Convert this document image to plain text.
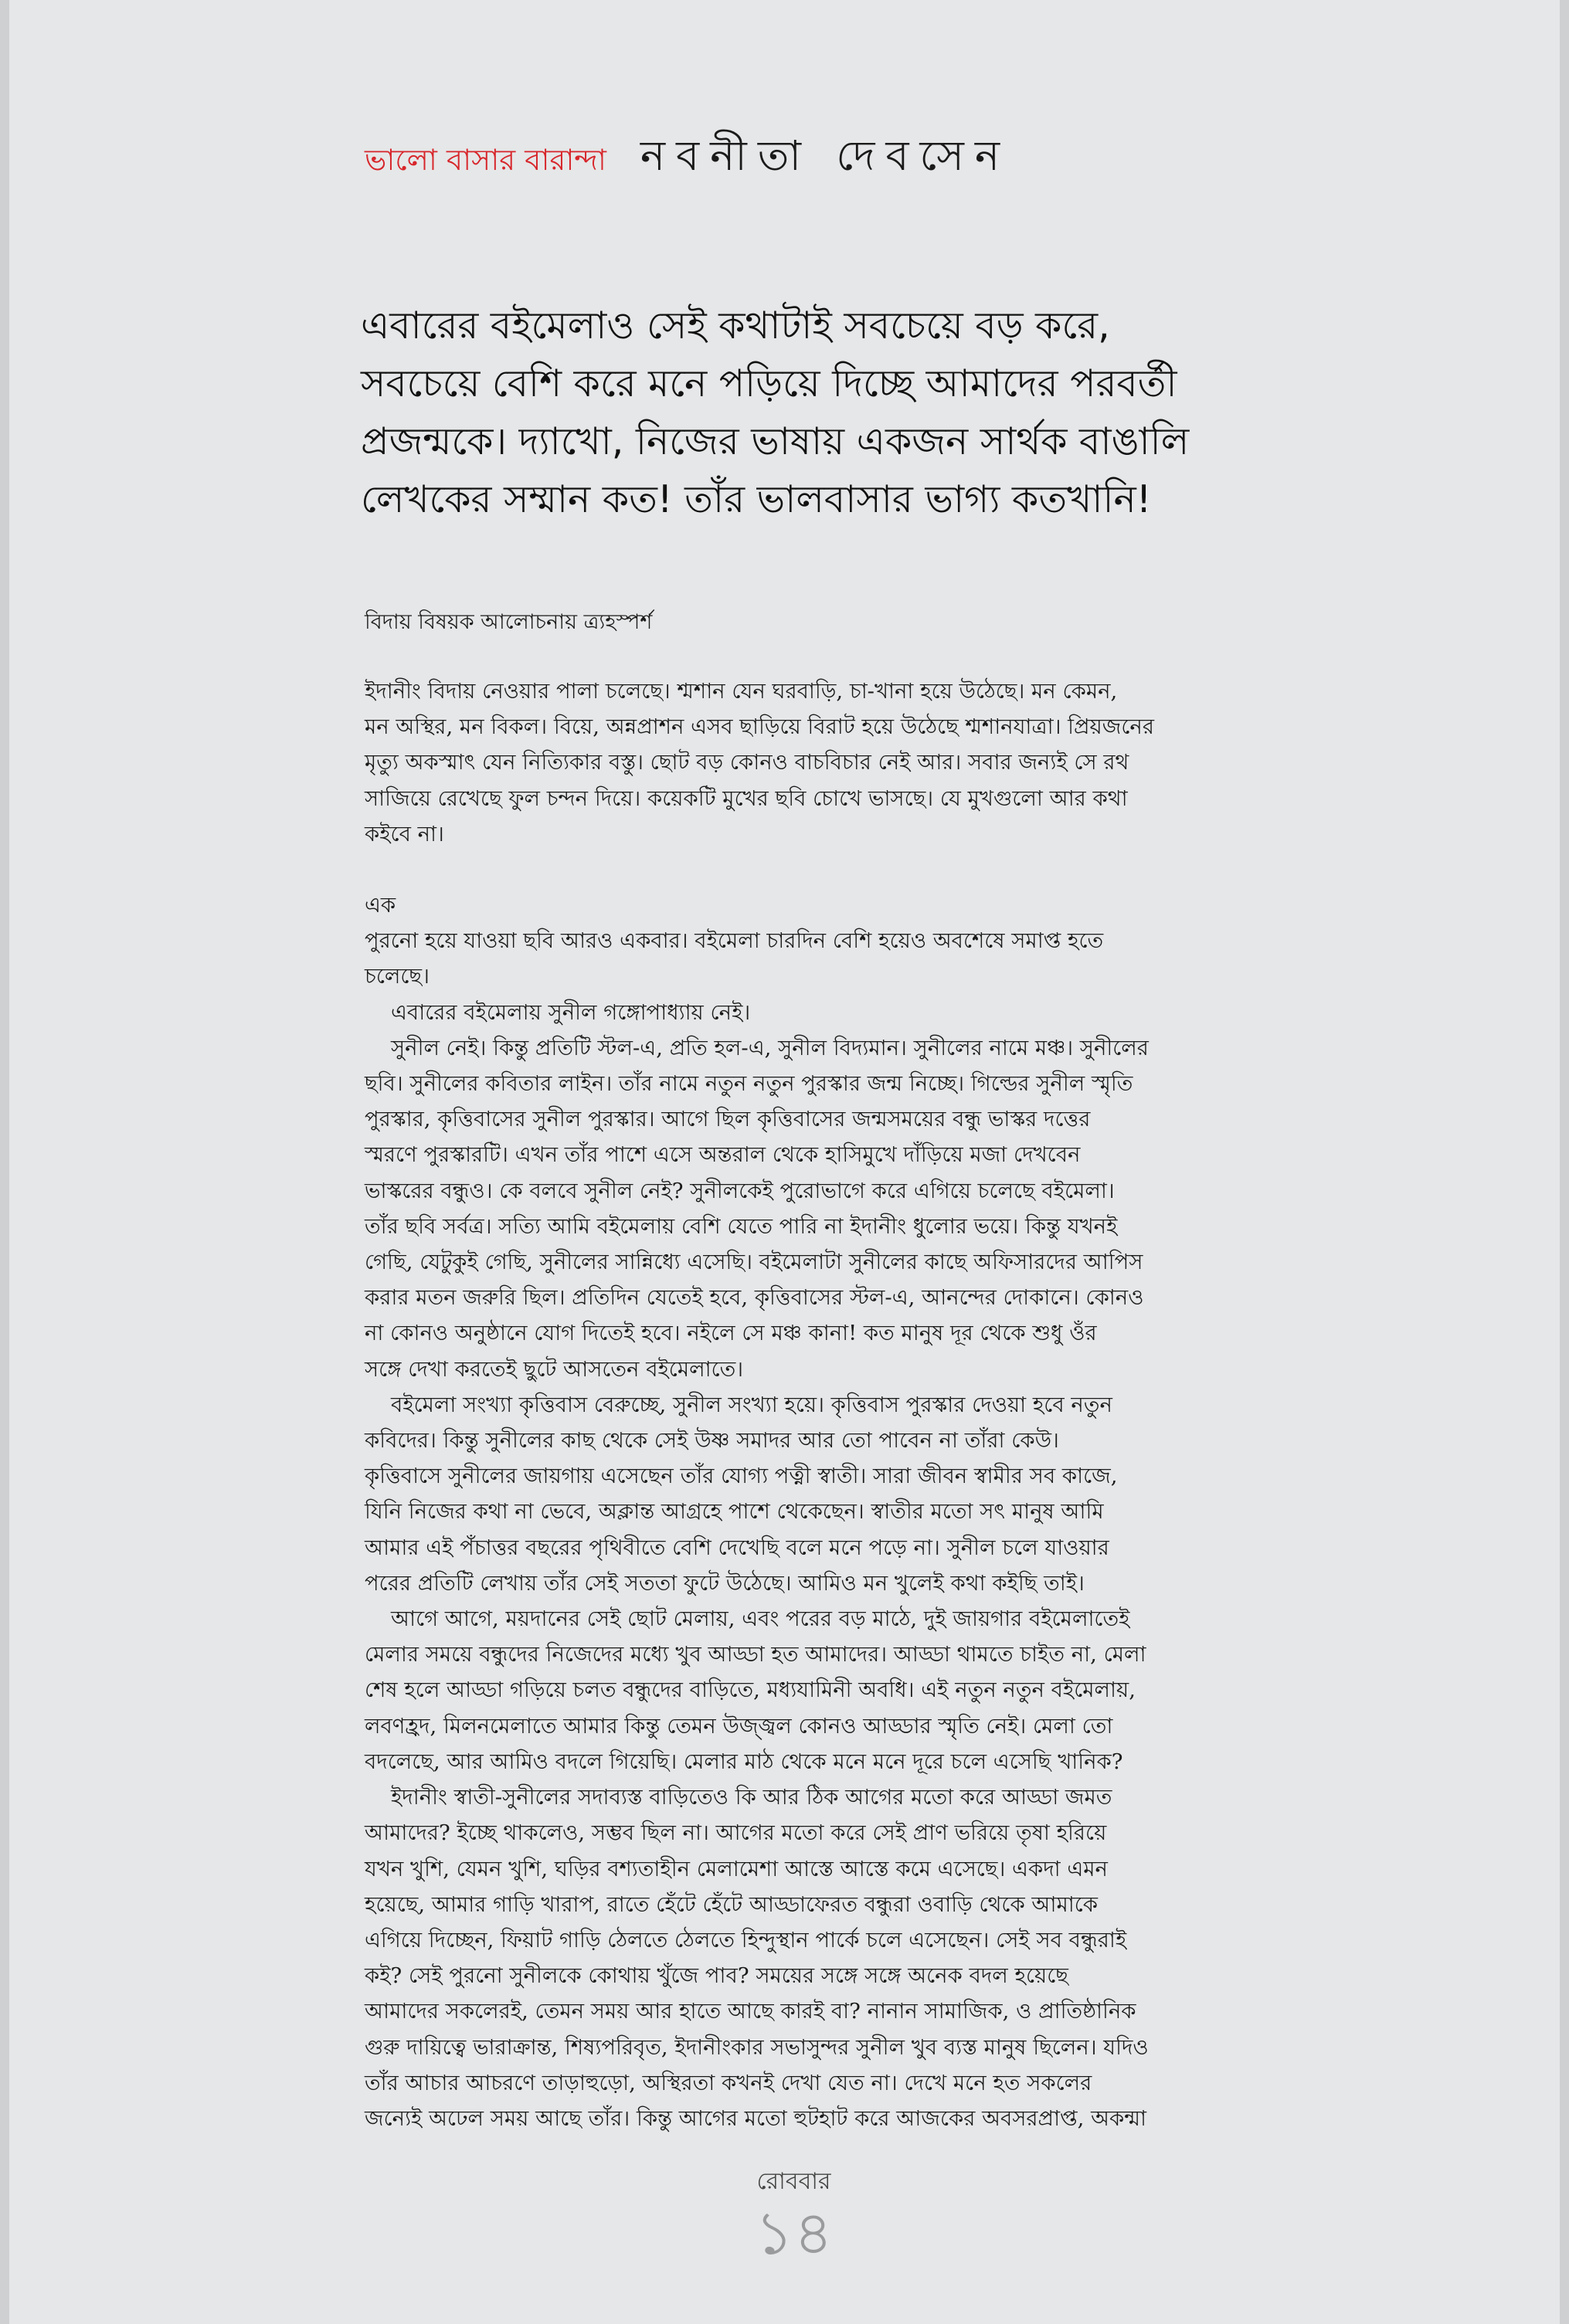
ভালো বাসার বারান্দা নবনীতা দেবসেন
এবারের বইমেলাও সেই কথাটাই সবচেয়ে বড় করে,
সবচেয়ে বেশি করে মনে পড়িয়ে দিচ্ছে আমাদের পরবর্তী
প্রজন্মকে। দ্যাখো, নিজের ভাষায় একজন সার্থক বাঙালি
লেখকের সম্মান কত! তাঁর ভালবাসার ভাগ্য কতখানি!
বিদায় বিষয়ক আলোচনায় ত্র্যহস্পর্শ
ইদানীং বিদায় নেওয়ার পালা চলেছে। শ্মশান যেন ঘরবাড়ি, চা-খানা হয়ে উঠেছে। মন কেমন,
মন অস্থির, মন বিকল। বিয়ে, অন্নপ্রাশন এসব ছাড়িয়ে বিরাট হয়ে উঠেছে শ্মশানযাত্রা। প্রিয়জনের
মৃত্যু অকস্মাৎ যেন নিত্যিকার বস্তু। ছোট বড় কোনও বাচবিচার নেই আর। সবার জন্যই সে রথ
সাজিয়ে রেখেছে ফুল চন্দন দিয়ে। কয়েকটি মুখের ছবি চোখে ভাসছে। যে মুখগুলো আর কথা
কইবে না।
এক
পুরনো হয়ে যাওয়া ছবি আরও একবার। বইমেলা চারদিন বেশি হয়েও অবশেষে সমাপ্ত হতে
চলেছে।
এবারের বইমেলায় সুনীল গঙ্গোপাধ্যায় নেই।
সুনীল নেই। কিন্তু প্রতিটি স্টল-এ, প্রতি হল-এ, সুনীল বিদ্যমান। সুনীলের নামে মঞ্চ। সুনীলের
ছবি। সুনীলের কবিতার লাইন। তাঁর নামে নতুন নতুন পুরস্কার জন্ম নিচ্ছে। গিল্ডের সুনীল স্মৃতি
পুরস্কার, কৃত্তিবাসের সুনীল পুরস্কার। আগে ছিল কৃত্তিবাসের জন্মসময়ের বন্ধু ভাস্কর দত্তের
স্মরণে পুরস্কারটি। এখন তাঁর পাশে এসে অন্তরাল থেকে হাসিমুখে দাঁড়িয়ে মজা দেখবেন
ভাস্করের বন্ধুও। কে বলবে সুনীল নেই? সুনীলকেই পুরোভাগে করে এগিয়ে চলেছে বইমেলা।
তাঁর ছবি সর্বত্র। সত্যি আমি বইমেলায় বেশি যেতে পারি না ইদানীং ধুলোর ভয়ে। কিন্তু যখনই
গেছি, যেটুকুই গেছি, সুনীলের সান্নিধ্যে এসেছি। বইমেলাটা সুনীলের কাছে অফিসারদের আপিস
করার মতন জরুরি ছিল। প্রতিদিন যেতেই হবে, কৃত্তিবাসের স্টল-এ, আনন্দের দোকানে। কোনও
না কোনও অনুষ্ঠানে যোগ দিতেই হবে। নইলে সে মঞ্চ কানা! কত মানুষ দূর থেকে শুধু ওঁর
সঙ্গে দেখা করতেই ছুটে আসতেন বইমেলাতে।
বইমেলা সংখ্যা কৃত্তিবাস বেরুচ্ছে, সুনীল সংখ্যা হয়ে। কৃত্তিবাস পুরস্কার দেওয়া হবে নতুন
কবিদের। কিন্তু সুনীলের কাছ থেকে সেই উষ্ণ সমাদর আর তো পাবেন না তাঁরা কেউ।
কৃত্তিবাসে সুনীলের জায়গায় এসেছেন তাঁর যোগ্য পত্নী স্বাতী। সারা জীবন স্বামীর সব কাজে,
যিনি নিজের কথা না ভেবে, অক্লান্ত আগ্রহে পাশে থেকেছেন। স্বাতীর মতো সৎ মানুষ আমি
আমার এই পঁচাত্তর বছরের পৃথিবীতে বেশি দেখেছি বলে মনে পড়ে না। সুনীল চলে যাওয়ার
পরের প্রতিটি লেখায় তাঁর সেই সততা ফুটে উঠেছে। আমিও মন খুলেই কথা কইছি তাই।
আগে আগে, ময়দানের সেই ছোট মেলায়, এবং পরের বড় মাঠে, দুই জায়গার বইমেলাতেই
মেলার সময়ে বন্ধুদের নিজেদের মধ্যে খুব আড্ডা হত আমাদের। আড্ডা থামতে চাইত না, মেলা
শেষ হলে আড্ডা গড়িয়ে চলত বন্ধুদের বাড়িতে, মধ্যযামিনী অবধি। এই নতুন নতুন বইমেলায়,
লবণহ্রদ, মিলনমেলাতে আমার কিন্তু তেমন উজ্জ্বল কোনও আড্ডার স্মৃতি নেই। মেলা তো
বদলেছে, আর আমিও বদলে গিয়েছি। মেলার মাঠ থেকে মনে মনে দূরে চলে এসেছি খানিক?
ইদানীং স্বাতী-সুনীলের সদাব্যস্ত বাড়িতেও কি আর ঠিক আগের মতো করে আড্ডা জমত
আমাদের? ইচ্ছে থাকলেও, সম্ভব ছিল না। আগের মতো করে সেই প্রাণ ভরিয়ে তৃষা হরিয়ে
যখন খুশি, যেমন খুশি, ঘড়ির বশ্যতাহীন মেলামেশা আস্তে আস্তে কমে এসেছে। একদা এমন
হয়েছে, আমার গাড়ি খারাপ, রাতে হেঁটে হেঁটে আড্ডাফেরত বন্ধুরা ওবাড়ি থেকে আমাকে
এগিয়ে দিচ্ছেন, ফিয়াট গাড়ি ঠেলতে ঠেলতে হিন্দুস্থান পার্কে চলে এসেছেন। সেই সব বন্ধুরাই
কই? সেই পুরনো সুনীলকে কোথায় খুঁজে পাব? সময়ের সঙ্গে সঙ্গে অনেক বদল হয়েছে
আমাদের সকলেরই, তেমন সময় আর হাতে আছে কারই বা? নানান সামাজিক, ও প্রাতিষ্ঠানিক
গুরু দায়িত্বে ভারাক্রান্ত, শিষ্যপরিবৃত, ইদানীংকার সভাসুন্দর সুনীল খুব ব্যস্ত মানুষ ছিলেন। যদিও
তাঁর আচার আচরণে তাড়াহুড়ো, অস্থিরতা কখনই দেখা যেত না। দেখে মনে হত সকলের
জন্যেই অঢেল সময় আছে তাঁর। কিন্তু আগের মতো হুটহাট করে আজকের অবসরপ্রাপ্ত, অকন্মা
রোববার
১৪
